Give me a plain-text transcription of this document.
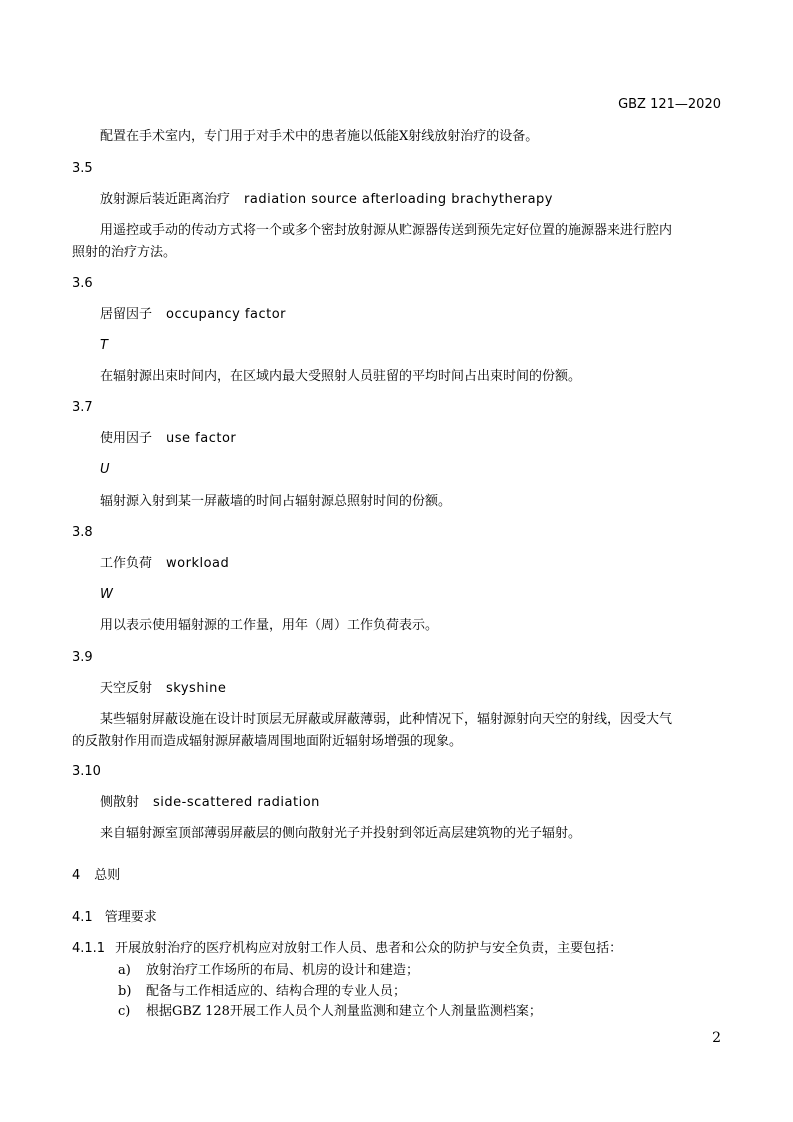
GBZ 121—2020
配置在手术室内，专门用于对手术中的患者施以低能X射线放射治疗的设备。
3.5
放射源后装近距离治疗 radiation source afterloading brachytherapy
用遥控或手动的传动方式将一个或多个密封放射源从贮源器传送到预先定好位置的施源器来进行腔内
照射的治疗方法。
3.6
居留因子 occupancy factor
T
在辐射源出束时间内，在区域内最大受照射人员驻留的平均时间占出束时间的份额。
3.7
使用因子 use factor
U
辐射源入射到某一屏蔽墙的时间占辐射源总照射时间的份额。
3.8
工作负荷 workload
W
用以表示使用辐射源的工作量，用年（周）工作负荷表示。
3.9
天空反射 skyshine
某些辐射屏蔽设施在设计时顶层无屏蔽或屏蔽薄弱，此种情况下，辐射源射向天空的射线，因受大气
的反散射作用而造成辐射源屏蔽墙周围地面附近辐射场增强的现象。
3.10
侧散射 side-scattered radiation
来自辐射源室顶部薄弱屏蔽层的侧向散射光子并投射到邻近高层建筑物的光子辐射。
4 总则
4.1 管理要求
4.1.1 开展放射治疗的医疗机构应对放射工作人员、患者和公众的防护与安全负责，主要包括：
a) 放射治疗工作场所的布局、机房的设计和建造；
b) 配备与工作相适应的、结构合理的专业人员；
c) 根据GBZ 128开展工作人员个人剂量监测和建立个人剂量监测档案；
2
